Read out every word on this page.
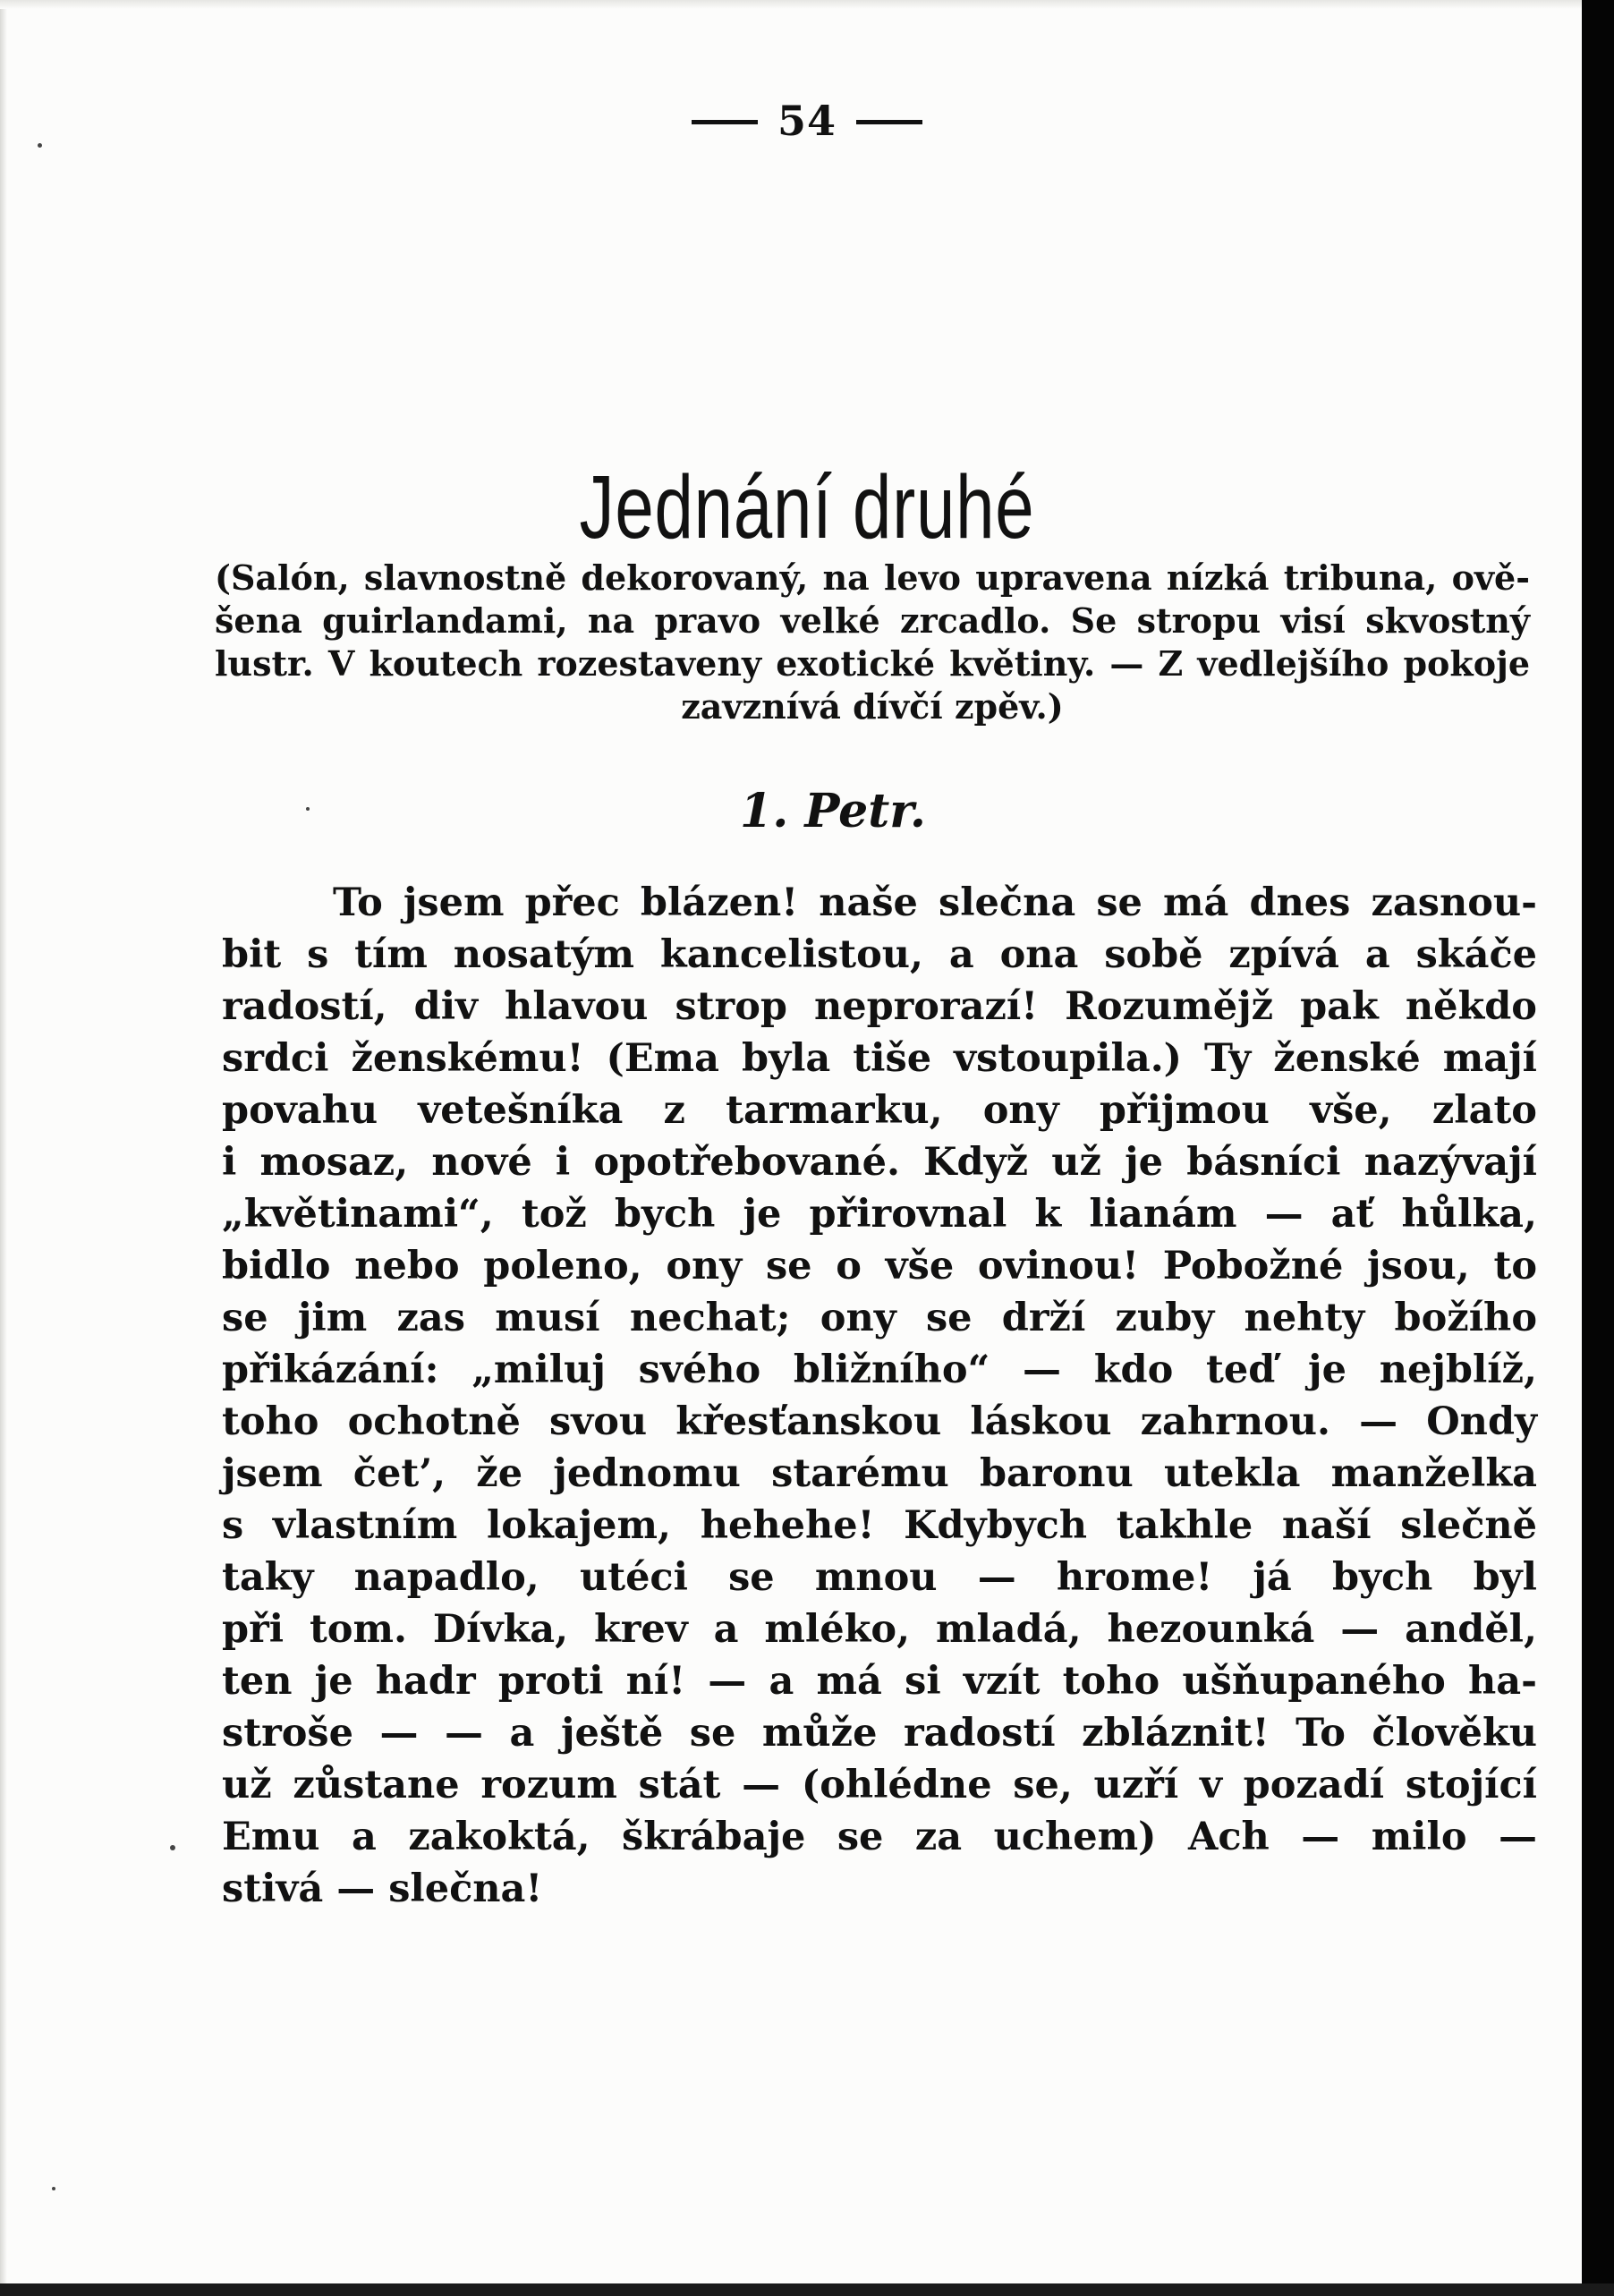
54
Jednání druhé
(Salón, slavnostně dekorovaný, na levo upravena nízká tribuna, ově-
šena guirlandami, na pravo velké zrcadlo. Se stropu visí skvostný
lustr. V koutech rozestaveny exotické květiny. — Z vedlejšího pokoje
zavznívá dívčí zpěv.)
1. Petr.
To jsem přec blázen! naše slečna se má dnes zasnou-
bit s tím nosatým kancelistou, a ona sobě zpívá a skáče
radostí, div hlavou strop neprorazí! Rozumějž pak někdo
srdci ženskému! (Ema byla tiše vstoupila.) Ty ženské mají
povahu vetešníka z tarmarku, ony přijmou vše, zlato
i mosaz, nové i opotřebované. Když už je básníci nazývají
„květinami“, tož bych je přirovnal k lianám — ať hůlka,
bidlo nebo poleno, ony se o vše ovinou! Pobožné jsou, to
se jim zas musí nechat; ony se drží zuby nehty božího
přikázání: „miluj svého bližního“ — kdo teď je nejblíž,
toho ochotně svou křesťanskou láskou zahrnou. — Ondy
jsem čet’, že jednomu starému baronu utekla manželka
s vlastním lokajem, hehehe! Kdybych takhle naší slečně
taky napadlo, utéci se mnou — hrome! já bych byl
při tom. Dívka, krev a mléko, mladá, hezounká — anděl,
ten je hadr proti ní! — a má si vzít toho ušňupaného ha-
stroše — — a ještě se může radostí zbláznit! To člověku
už zůstane rozum stát — (ohlédne se, uzří v pozadí stojící
Emu a zakoktá, škrábaje se za uchem) Ach — milo —
stivá — slečna!
